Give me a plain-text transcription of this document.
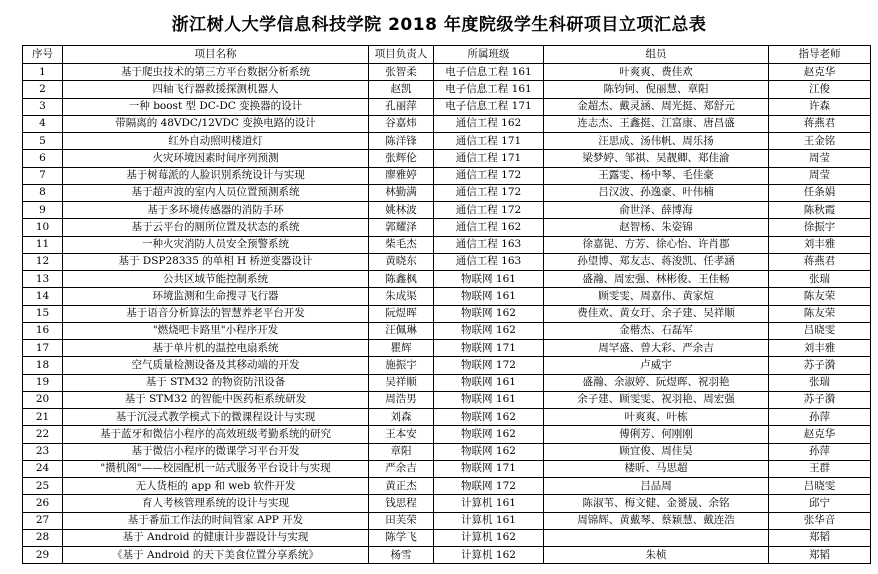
浙江树人大学信息科技学院 2018 年度院级学生科研项目立项汇总表
序号	项目名称	项目负责人	所属班级	组员	指导老师
1	基于爬虫技术的第三方平台数据分析系统	张智柔	电子信息工程 161	叶爽爽、费佳欢	赵克华
2	四轴飞行器救援探测机器人	赵凯	电子信息工程 161	陈钧钶、倪丽慧、章阳	江俊
3	一种 boost 型 DC-DC 变换器的设计	孔丽萍	电子信息工程 171	金超杰、戴灵涵、周光挺、郑舒元	许森
4	带隔离的 48VDC/12VDC 变换电路的设计	谷嘉炜	通信工程 162	连志杰、王鑫挺、江富康、唐昌盛	蒋燕君
5	红外自动照明楼道灯	陈洋锋	通信工程 171	汪思成、汤伟帆、周乐扬	王金铭
6	火灾环境因素时间序列预测	张辉伦	通信工程 171	梁梦婷、邹祺、吴靓卿、郑佳渝	周莹
7	基于树莓派的人脸识别系统设计与实现	廖雅婷	通信工程 172	王露雯、杨中琴、毛佳豪	周莹
8	基于超声波的室内人员位置预测系统	林勤满	通信工程 172	吕汉波、孙逸豪、叶伟楠	任条娟
9	基于多环境传感器的消防手环	姚林波	通信工程 172	俞世泽、薛博海	陈秋霞
10	基于云平台的厕所位置及状态的系统	郭耀泽	通信工程 162	赵智杨、朱姿锦	徐振宇
11	一种火灾消防人员安全预警系统	柴毛杰	通信工程 163	徐嘉铌、方芳、徐心怡、许肖郡	刘丰雅
12	基于 DSP28335 的单相 H 桥逆变器设计	黄晓东	通信工程 163	孙望博、郑友志、蒋浚凯、任孝涵	蒋燕君
13	公共区域节能控制系统	陈鑫枫	物联网 161	盛瀚、周宏强、林彬俊、王佳畅	张瑞
14	环境监测和生命搜寻飞行器	朱成渠	物联网 161	顾雯雯、周嘉伟、黄家煊	陈友荣
15	基于语音分析算法的智慧养老平台开发	阮煜晖	物联网 162	费佳欢、黄女玗、余子建、吴祥顺	陈友荣
16	"燃烧吧卡路里"小程序开发	汪佩琳	物联网 162	金楷杰、石磊军	吕晓雯
17	基于单片机的温控电扇系统	瞿辉	物联网 171	周罕盛、曾大彩、严余吉	刘丰雅
18	空气质量检测设备及其移动端的开发	施振宇	物联网 172	卢威宇	苏子漪
19	基于 STM32 的物资防汛设备	吴祥顺	物联网 161	盛瀚、余淑婷、阮煜晖、祝羽艳	张瑞
20	基于 STM32 的智能中医药柜系统研发	周浩男	物联网 161	余子建、顾雯雯、祝羽艳、周宏强	苏子漪
21	基于沉浸式教学模式下的微课程设计与实现	刘森	物联网 162	叶爽爽、叶栋	孙萍
22	基于蓝牙和微信小程序的高效班级考勤系统的研究	王本安	物联网 162	傅俐芳、何刚刚	赵克华
23	基于微信小程序的微课学习平台开发	章阳	物联网 162	顾宜俊、周佳昊	孙萍
24	"攒机阁"——校园配机一站式服务平台设计与实现	严余吉	物联网 171	楼昕、马思超	王群
25	无人货柜的 app 和 web 软件开发	黄正杰	物联网 172	吕品周	吕晓雯
26	育人考核管理系统的设计与实现	钱思程	计算机 161	陈淑苇、梅文健、金赟晟、余铭	邱宁
27	基于番茄工作法的时间管家 APP 开发	田芙荣	计算机 161	周锦辉、黄戴琴、蔡颖慧、戴连浩	张华音
28	基于 Android 的健康计步器设计与实现	陈学飞	计算机 162		郑韬
29	《基于 Android 的天下美食位置分享系统》	杨雪	计算机 162	朱桢	郑韬
